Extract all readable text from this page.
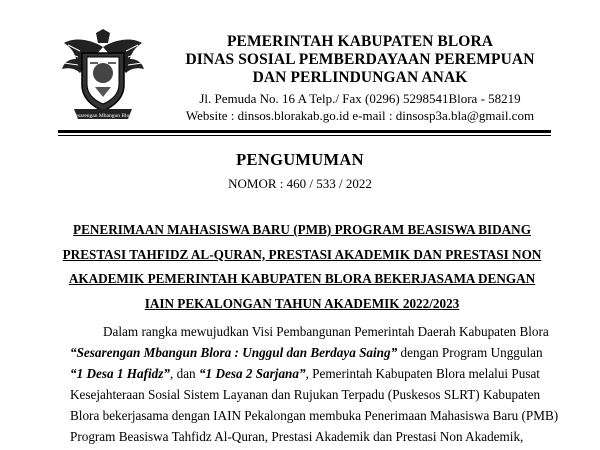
Sesarengan Mbangun Blora
PEMERINTAH KABUPATEN BLORA
DINAS SOSIAL PEMBERDAYAAN PEREMPUAN
DAN PERLINDUNGAN ANAK
Jl. Pemuda No. 16 A Telp./ Fax (0296) 5298541Blora - 58219
Website : dinsos.blorakab.go.id e-mail : dinsosp3a.bla@gmail.com
PENGUMUMAN
NOMOR : 460 / 533 / 2022
PENERIMAAN MAHASISWA BARU (PMB) PROGRAM BEASISWA BIDANG
PRESTASI TAHFIDZ AL-QURAN, PRESTASI AKADEMIK DAN PRESTASI NON
AKADEMIK PEMERINTAH KABUPATEN BLORA BEKERJASAMA DENGAN
IAIN PEKALONGAN TAHUN AKADEMIK 2022/2023
Dalam rangka mewujudkan Visi Pembangunan Pemerintah Daerah Kabupaten Blora
“Sesarengan Mbangun Blora : Unggul dan Berdaya Saing” dengan Program Unggulan
“1 Desa 1 Hafidz”, dan “1 Desa 2 Sarjana”, Pemerintah Kabupaten Blora melalui Pusat
Kesejahteraan Sosial Sistem Layanan dan Rujukan Terpadu (Puskesos SLRT) Kabupaten
Blora bekerjasama dengan IAIN Pekalongan membuka Penerimaan Mahasiswa Baru (PMB)
Program Beasiswa Tahfidz Al-Quran, Prestasi Akademik dan Prestasi Non Akademik,
